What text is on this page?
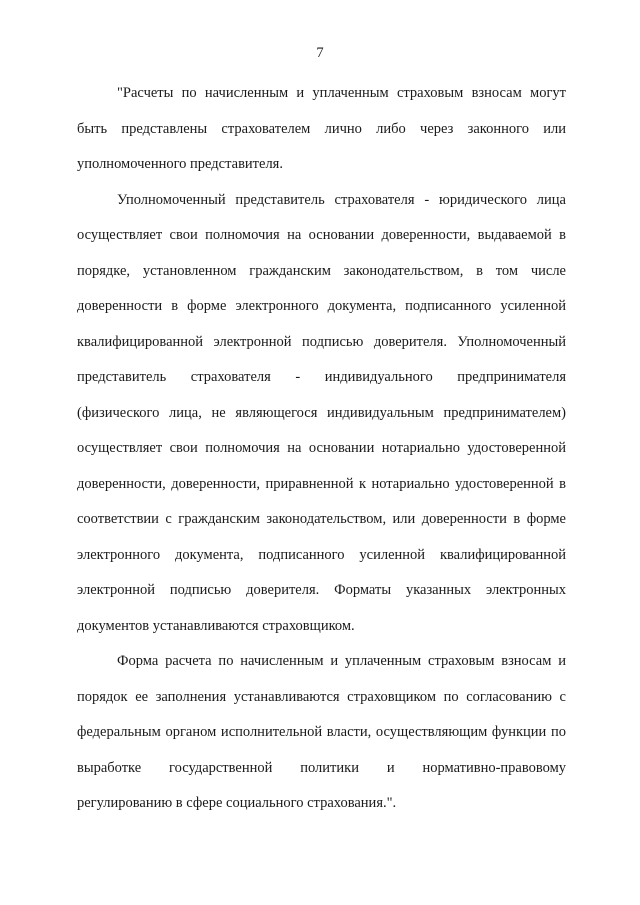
7

"Расчеты по начисленным и уплаченным страховым взносам могут быть представлены страхователем лично либо через законного или уполномоченного представителя.

Уполномоченный представитель страхователя - юридического лица осуществляет свои полномочия на основании доверенности, выдаваемой в порядке, установленном гражданским законодательством, в том числе доверенности в форме электронного документа, подписанного усиленной квалифицированной электронной подписью доверителя. Уполномоченный представитель страхователя - индивидуального предпринимателя (физического лица, не являющегося индивидуальным предпринимателем) осуществляет свои полномочия на основании нотариально удостоверенной доверенности, доверенности, приравненной к нотариально удостоверенной в соответствии с гражданским законодательством, или доверенности в форме электронного документа, подписанного усиленной квалифицированной электронной подписью доверителя. Форматы указанных электронных документов устанавливаются страховщиком.

Форма расчета по начисленным и уплаченным страховым взносам и порядок ее заполнения устанавливаются страховщиком по согласованию с федеральным органом исполнительной власти, осуществляющим функции по выработке государственной политики и нормативно-правовому регулированию в сфере социального страхования.".
